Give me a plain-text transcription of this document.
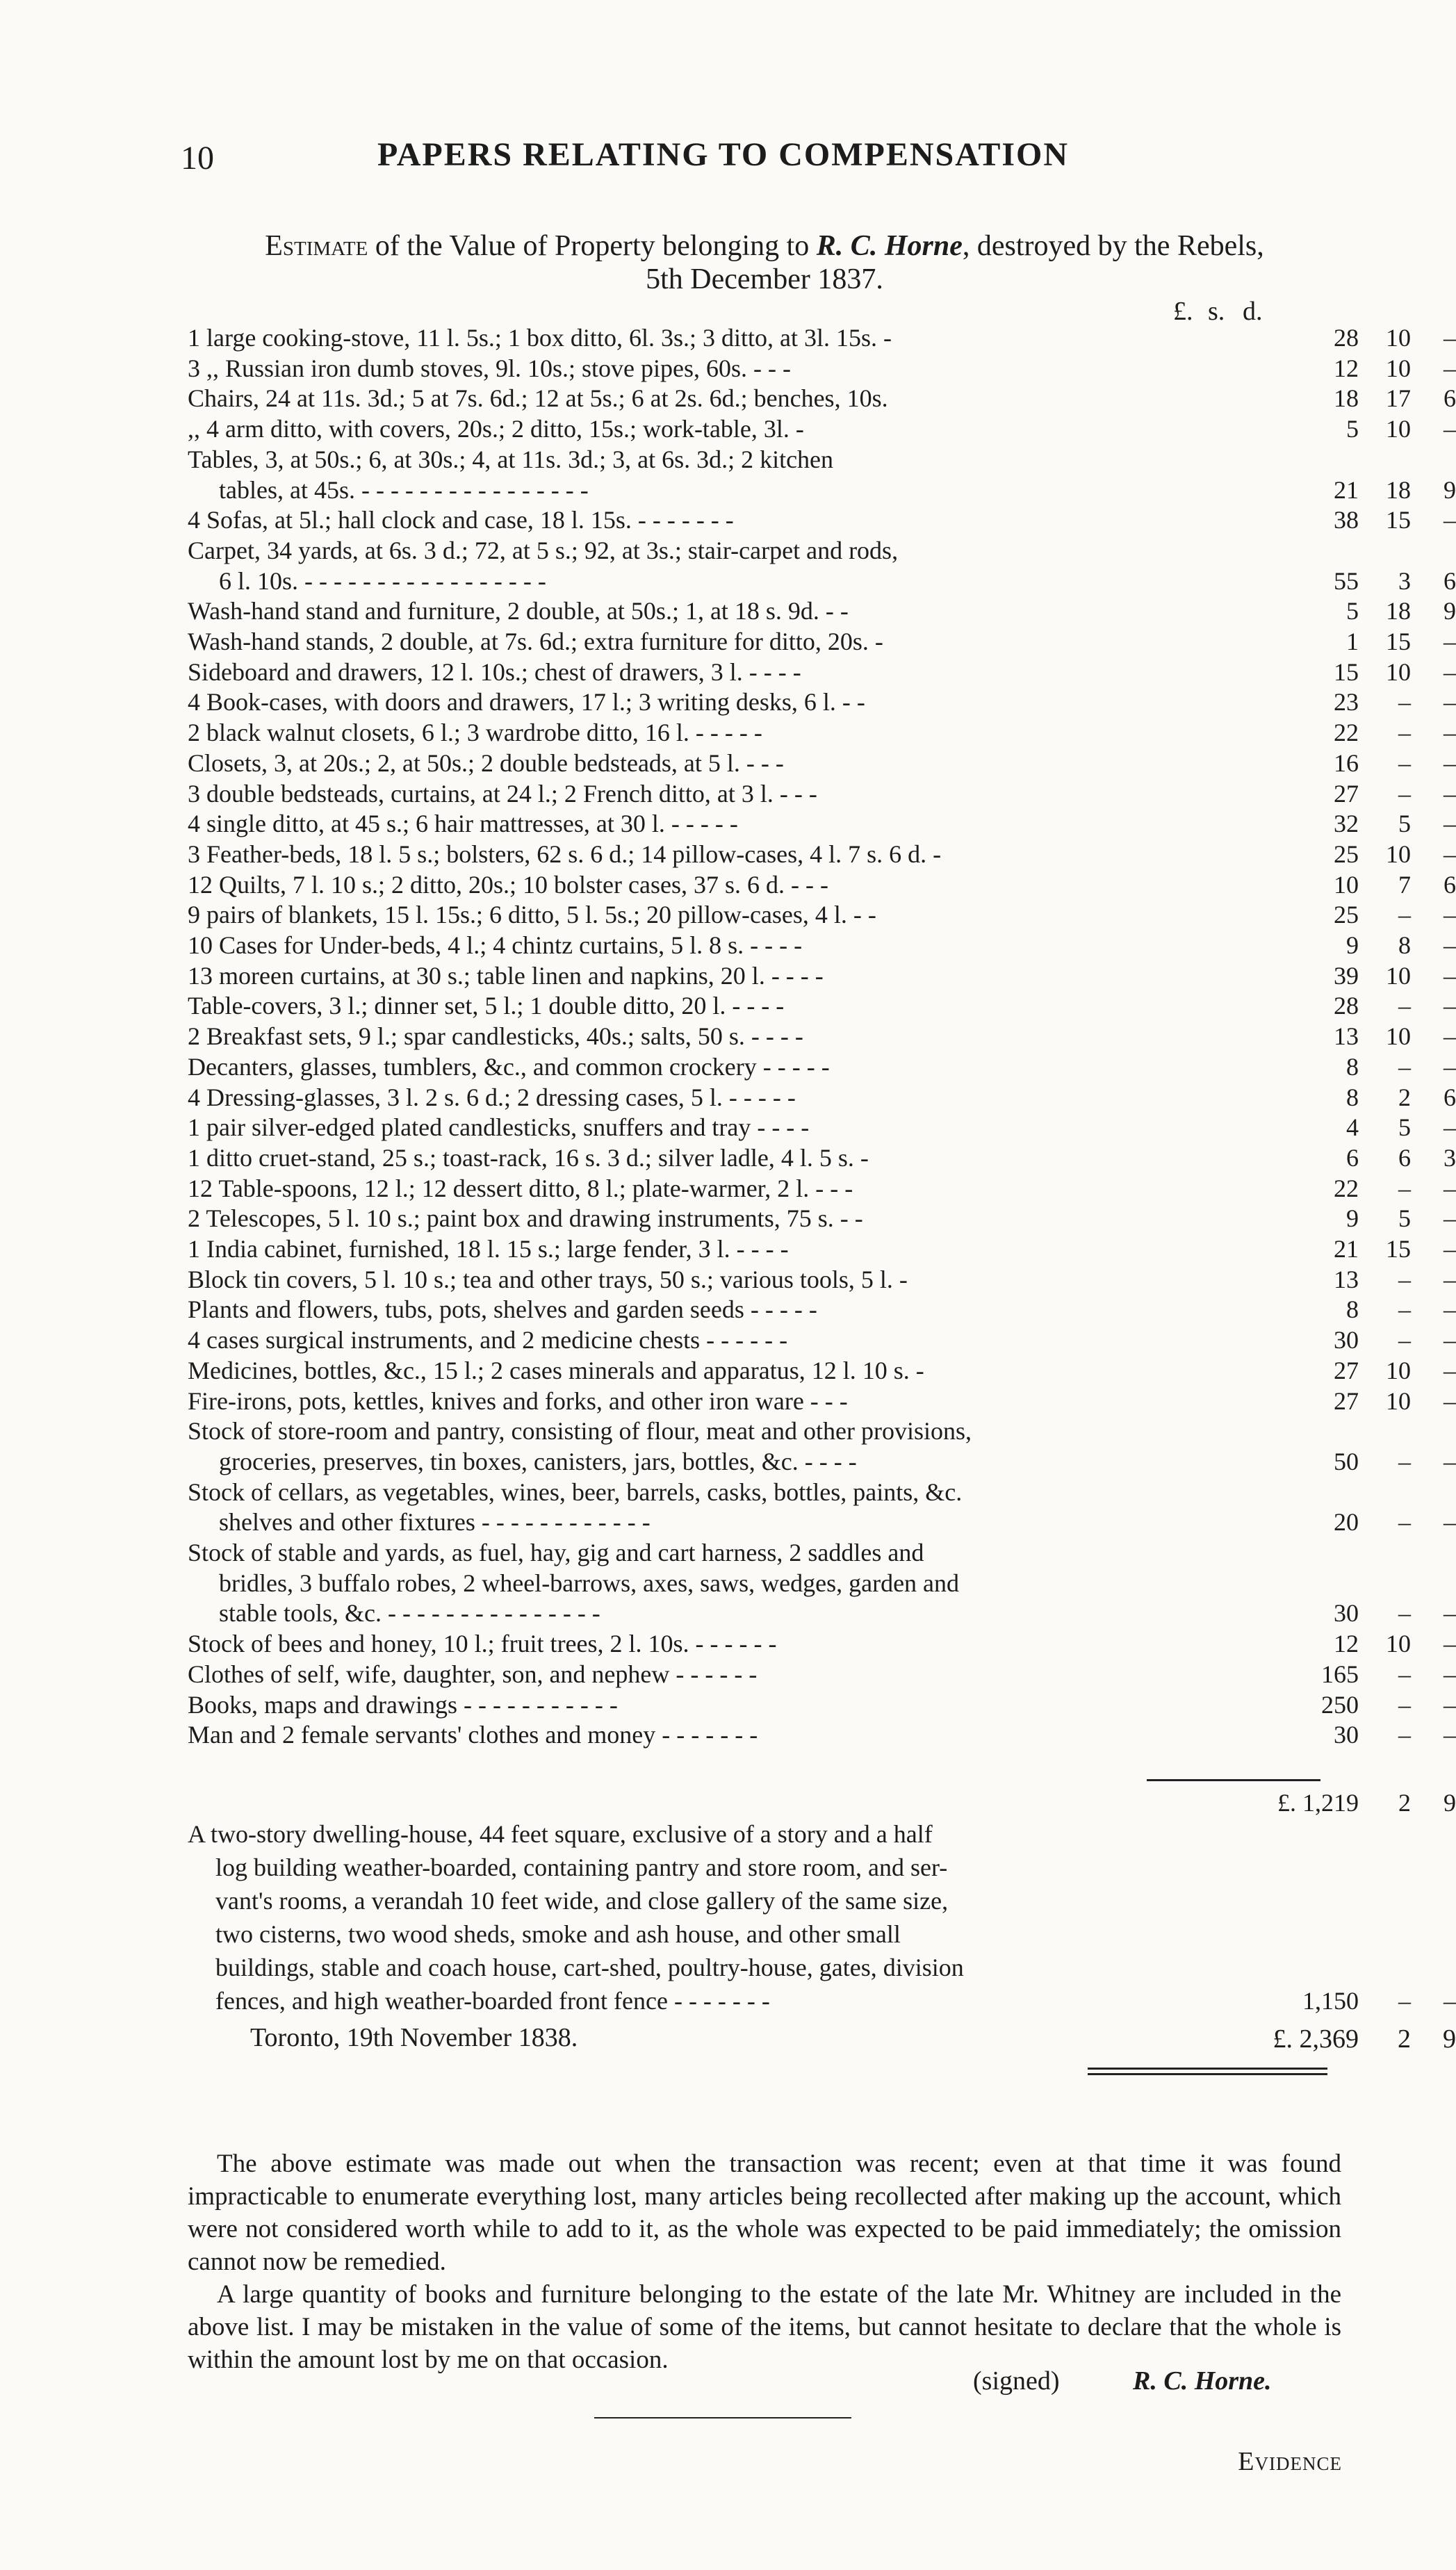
10	PAPERS RELATING TO COMPENSATION
Estimate of the Value of Property belonging to R. C. Horne, destroyed by the Rebels,
5th December 1837.
£. s. d.
1 large cooking-stove, 11 l. 5s.; 1 box ditto, 6l. 3s.; 3 ditto, at 3l. 15s. -	28	10	–
3 ,, Russian iron dumb stoves, 9l. 10s.; stove pipes, 60s. - - -	12	10	–
Chairs, 24 at 11s. 3d.; 5 at 7s. 6d.; 12 at 5s.; 6 at 2s. 6d.; benches, 10s.	18	17	6
,, 4 arm ditto, with covers, 20s.; 2 ditto, 15s.; work-table, 3l. -	5	10	–
Tables, 3, at 50s.; 6, at 30s.; 4, at 11s. 3d.; 3, at 6s. 3d.; 2 kitchen
tables, at 45s. - - - - - - - - - - - - - - - -	21	18	9
4 Sofas, at 5l.; hall clock and case, 18 l. 15s. - - - - - - -	38	15	–
Carpet, 34 yards, at 6s. 3 d.; 72, at 5 s.; 92, at 3s.; stair-carpet and rods,
6 l. 10s. - - - - - - - - - - - - - - - - -	55	3	6
Wash-hand stand and furniture, 2 double, at 50s.; 1, at 18 s. 9d. - -	5	18	9
Wash-hand stands, 2 double, at 7s. 6d.; extra furniture for ditto, 20s. -	1	15	–
Sideboard and drawers, 12 l. 10s.; chest of drawers, 3 l. - - - -	15	10	–
4 Book-cases, with doors and drawers, 17 l.; 3 writing desks, 6 l. - -	23	–	–
2 black walnut closets, 6 l.; 3 wardrobe ditto, 16 l. - - - - -	22	–	–
Closets, 3, at 20s.; 2, at 50s.; 2 double bedsteads, at 5 l. - - -	16	–	–
3 double bedsteads, curtains, at 24 l.; 2 French ditto, at 3 l. - - -	27	–	–
4 single ditto, at 45 s.; 6 hair mattresses, at 30 l. - - - - -	32	5	–
3 Feather-beds, 18 l. 5 s.; bolsters, 62 s. 6 d.; 14 pillow-cases, 4 l. 7 s. 6 d. -	25	10	–
12 Quilts, 7 l. 10 s.; 2 ditto, 20s.; 10 bolster cases, 37 s. 6 d. - - -	10	7	6
9 pairs of blankets, 15 l. 15s.; 6 ditto, 5 l. 5s.; 20 pillow-cases, 4 l. - -	25	–	–
10 Cases for Under-beds, 4 l.; 4 chintz curtains, 5 l. 8 s. - - - -	9	8	–
13 moreen curtains, at 30 s.; table linen and napkins, 20 l. - - - -	39	10	–
Table-covers, 3 l.; dinner set, 5 l.; 1 double ditto, 20 l. - - - -	28	–	–
2 Breakfast sets, 9 l.; spar candlesticks, 40s.; salts, 50 s. - - - -	13	10	–
Decanters, glasses, tumblers, &c., and common crockery - - - - -	8	–	–
4 Dressing-glasses, 3 l. 2 s. 6 d.; 2 dressing cases, 5 l. - - - - -	8	2	6
1 pair silver-edged plated candlesticks, snuffers and tray - - - -	4	5	–
1 ditto cruet-stand, 25 s.; toast-rack, 16 s. 3 d.; silver ladle, 4 l. 5 s. -	6	6	3
12 Table-spoons, 12 l.; 12 dessert ditto, 8 l.; plate-warmer, 2 l. - - -	22	–	–
2 Telescopes, 5 l. 10 s.; paint box and drawing instruments, 75 s. - -	9	5	–
1 India cabinet, furnished, 18 l. 15 s.; large fender, 3 l. - - - -	21	15	–
Block tin covers, 5 l. 10 s.; tea and other trays, 50 s.; various tools, 5 l. -	13	–	–
Plants and flowers, tubs, pots, shelves and garden seeds - - - - -	8	–	–
4 cases surgical instruments, and 2 medicine chests - - - - - -	30	–	–
Medicines, bottles, &c., 15 l.; 2 cases minerals and apparatus, 12 l. 10 s. -	27	10	–
Fire-irons, pots, kettles, knives and forks, and other iron ware - - -	27	10	–
Stock of store-room and pantry, consisting of flour, meat and other provisions,
groceries, preserves, tin boxes, canisters, jars, bottles, &c. - - - -	50	–	–
Stock of cellars, as vegetables, wines, beer, barrels, casks, bottles, paints, &c.
shelves and other fixtures - - - - - - - - - - - -	20	–	–
Stock of stable and yards, as fuel, hay, gig and cart harness, 2 saddles and
bridles, 3 buffalo robes, 2 wheel-barrows, axes, saws, wedges, garden and
stable tools, &c. - - - - - - - - - - - - - - -	30	–	–
Stock of bees and honey, 10 l.; fruit trees, 2 l. 10s. - - - - - -	12	10	–
Clothes of self, wife, daughter, son, and nephew - - - - - -	165	–	–
Books, maps and drawings - - - - - - - - - - -	250	–	–
Man and 2 female servants' clothes and money - - - - - - -	30	–	–
£. 1,219	2	9
A two-story dwelling-house, 44 feet square, exclusive of a story and a half
log building weather-boarded, containing pantry and store room, and ser-
vant's rooms, a verandah 10 feet wide, and close gallery of the same size,
two cisterns, two wood sheds, smoke and ash house, and other small
buildings, stable and coach house, cart-shed, poultry-house, gates, division
fences, and high weather-boarded front fence - - - - - - -	1,150	–	–
Toronto, 19th November 1838.	£. 2,369	2	9

The above estimate was made out when the transaction was recent; even at that time it was found impracticable to enumerate everything lost, many articles being recollected after making up the account, which were not considered worth while to add to it, as the whole was expected to be paid immediately; the omission cannot now be remedied.

A large quantity of books and furniture belonging to the estate of the late Mr. Whitney are included in the above list. I may be mistaken in the value of some of the items, but cannot hesitate to declare that the whole is within the amount lost by me on that occasion.

(signed)	R. C. Horne.
Evidence
